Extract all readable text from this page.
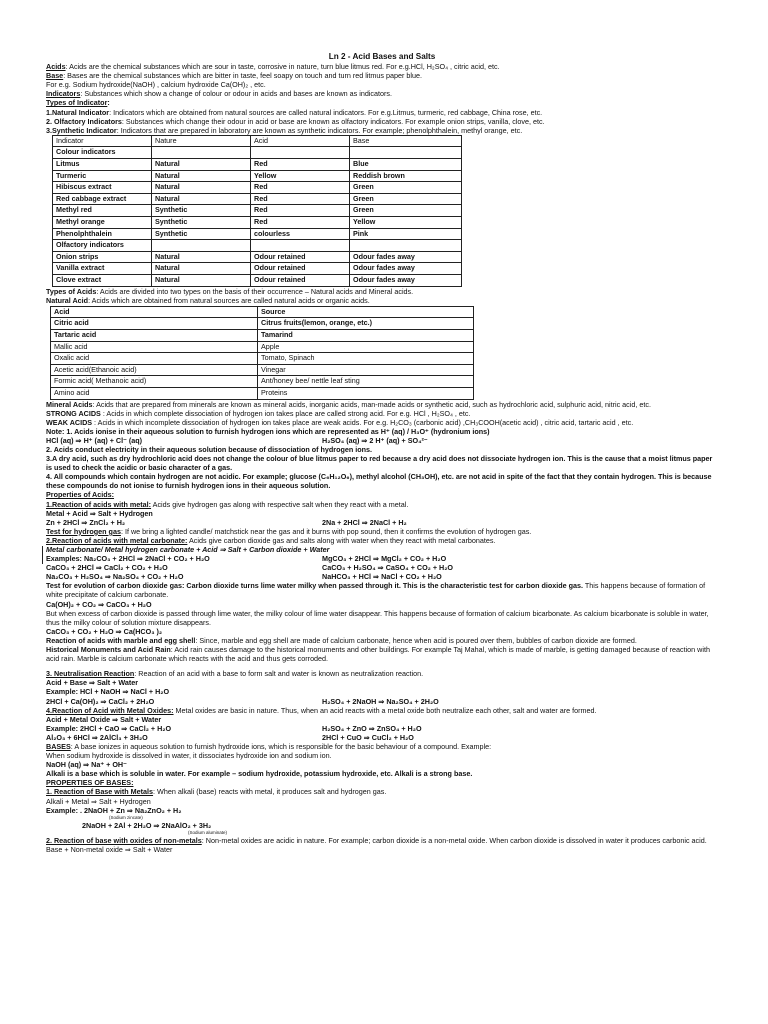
Ln 2 - Acid Bases and Salts
Acids: Acids are the chemical substances which are sour in taste, corrosive in nature, turn blue litmus red. For e.g.HCl, H₂SO₄ , citric acid, etc.
Base: Bases are the chemical substances which are bitter in taste, feel soapy on touch and turn red litmus paper blue.
For e.g. Sodium hydroxide(NaOH) , calcium hydroxide Ca(OH)₂ , etc.
Indicators: Substances which show a change of colour or odour in acids and bases are known as indicators.
Types of Indicator:
1.Natural Indicator: Indicators which are obtained from natural sources are called natural indicators. For e.g.Litmus, turmeric, red cabbage, China rose, etc.
2. Olfactory Indicators: Substances which change their odour in acid or base are known as olfactory indicators. For example onion strips, vanilla, clove, etc.
3.Synthetic Indicator: Indicators that are prepared in laboratory are known as synthetic indicators. For example; phenolphthalein, methyl orange, etc.
Indicator	Nature	Acid	Base
Colour indicators			
Litmus	Natural	Red	Blue
Turmeric	Natural	Yellow	Reddish brown
Hibiscus extract	Natural	Red	Green
Red cabbage extract	Natural	Red	Green
Methyl red	Synthetic	Red	Green
Methyl orange	Synthetic	Red	Yellow
Phenolphthalein	Synthetic	colourless	Pink
Olfactory indicators			
Onion strips	Natural	Odour retained	Odour fades away
Vanilla extract	Natural	Odour retained	Odour fades away
Clove extract	Natural	Odour retained	Odour fades away
Types of Acids: Acids are divided into two types on the basis of their occurrence – Natural acids and Mineral acids.
Natural Acid: Acids which are obtained from natural sources are called natural acids or organic acids.
Acid	Source
Citric acid	Citrus fruits(lemon, orange, etc.)
Tartaric acid	Tamarind
Mallic acid	Apple
Oxalic acid	Tomato, Spinach
Acetic acid(Ethanoic acid)	Vinegar
Formic acid( Methanoic acid)	Ant/honey bee/ nettle leaf sting
Amino acid	Proteins
Mineral Acids: Acids that are prepared from minerals are known as mineral acids, inorganic acids, man-made acids or synthetic acid, such as hydrochloric acid, sulphuric acid, nitric acid, etc.
STRONG ACIDS : Acids in which complete dissociation of hydrogen ion takes place are called strong acid. For e.g. HCl , H₂SO₄ , etc.
WEAK ACIDS : Acids in which incomplete dissociation of hydrogen ion takes place are weak acids. For e.g. H₂CO₃ (carbonic acid) ,CH₃COOH(acetic acid) , citric acid, tartaric acid , etc.
Note: 1. Acids ionise in their aqueous solution to furnish hydrogen ions which are represented as H⁺ (aq) / H₃O⁺ (hydronium ions)
HCl (aq) ⇒ H⁺ (aq) + Cl⁻ (aq)	H₂SO₄ (aq) ⇒ 2 H⁺ (aq) + SO₄²⁻
2. Acids conduct electricity in their aqueous solution because of dissociation of hydrogen ions.
3.A dry acid, such as dry hydrochloric acid does not change the colour of blue litmus paper to red because a dry acid does not dissociate hydrogen ion. This is the cause that a moist litmus paper is used to check the acidic or basic character of a gas.
4. All compounds which contain hydrogen are not acidic. For example; glucose (C₆H₁₂O₆), methyl alcohol (CH₃OH), etc. are not acid in spite of the fact that they contain hydrogen. This is because these compounds do not ionise to furnish hydrogen ions in their aqueous solution.
Properties of Acids:
1.Reaction of acids with metal: Acids give hydrogen gas along with respective salt when they react with a metal.
Metal + Acid ⇒ Salt + Hydrogen
Zn + 2HCl ⇒ ZnCl₂ + H₂	2Na + 2HCl ⇒ 2NaCl + H₂
Test for hydrogen gas: If we bring a lighted candle/ matchstick near the gas and it burns with pop sound, then it confirms the evolution of hydrogen gas.
2.Reaction of acids with metal carbonate: Acids give carbon dioxide gas and salts along with water when they react with metal carbonates.
Metal carbonate/ Metal hydrogen carbonate + Acid ⇒ Salt + Carbon dioxide + Water
Examples: Na₂CO₃ + 2HCl ⇒ 2NaCl + CO₂ + H₂O	MgCO₃ + 2HCl ⇒ MgCl₂ + CO₂ + H₂O
CaCO₃ + 2HCl ⇒ CaCl₂ + CO₂ + H₂O	CaCO₃ + H₂SO₄ ⇒ CaSO₄ + CO₂ + H₂O
Na₂CO₃ + H₂SO₄ ⇒ Na₂SO₄ + CO₂ + H₂O	NaHCO₃ + HCl ⇒ NaCl + CO₂ + H₂O
Test for evolution of carbon dioxide gas: Carbon dioxide turns lime water milky when passed through it. This is the characteristic test for carbon dioxide gas. This happens because of formation of white precipitate of calcium carbonate.
Ca(OH)₂ + CO₂ ⇒ CaCO₃ + H₂O
But when excess of carbon dioxide is passed through lime water, the milky colour of lime water disappear. This happens because of formation of calcium bicarbonate. As calcium bicarbonate is soluble in water, thus the milky colour of solution mixture disappears.
CaCO₃ + CO₂ + H₂O ⇒ Ca(HCO₃ )₂
Reaction of acids with marble and egg shell: Since, marble and egg shell are made of calcium carbonate, hence when acid is poured over them, bubbles of carbon dioxide are formed.
Historical Monuments and Acid Rain: Acid rain causes damage to the historical monuments and other buildings. For example Taj Mahal, which is made of marble, is getting damaged because of reaction with acid rain. Marble is calcium carbonate which reacts with the acid and thus gets corroded.
3. Neutralisation Reaction: Reaction of an acid with a base to form salt and water is known as neutralization reaction.
Acid + Base ⇒ Salt + Water
Example: HCl + NaOH ⇒ NaCl + H₂O
2HCl + Ca(OH)₂ ⇒ CaCl₂ + 2H₂O	H₂SO₄ + 2NaOH ⇒ Na₂SO₄ + 2H₂O
4.Reaction of Acid with Metal Oxides: Metal oxides are basic in nature. Thus, when an acid reacts with a metal oxide both neutralize each other, salt and water are formed.
Acid + Metal Oxide ⇒ Salt + Water
Example: 2HCl + CaO ⇒ CaCl₂ + H₂O	H₂SO₄ + ZnO ⇒ ZnSO₄ + H₂O
Al₂O₃ + 6HCl ⇒ 2AlCl₃ + 3H₂O	2HCl + CuO ⇒ CuCl₂ + H₂O
BASES: A base ionizes in aqueous solution to furnish hydroxide ions, which is responsible for the basic behaviour of a compound. Example:
When sodium hydroxide is dissolved in water, it dissociates hydroxide ion and sodium ion.
NaOH (aq) ⇒ Na⁺ + OH⁻
Alkali is a base which is soluble in water. For example – sodium hydroxide, potassium hydroxide, etc. Alkali is a strong base.
PROPERTIES OF BASES:
1. Reaction of Base with Metals: When alkali (base) reacts with metal, it produces salt and hydrogen gas.
Alkali + Metal ⇒ Salt + Hydrogen
Example: . 2NaOH + Zn ⇒ Na₂ZnO₂ + H₂
(Sodium zincate)
2NaOH + 2Al + 2H₂O ⇒ 2NaAlO₂ + 3H₂
(Sodium aluminate)
2. Reaction of base with oxides of non-metals: Non-metal oxides are acidic in nature. For example; carbon dioxide is a non-metal oxide. When carbon dioxide is dissolved in water it produces carbonic acid.
Base + Non-metal oxide ⇒ Salt + Water
